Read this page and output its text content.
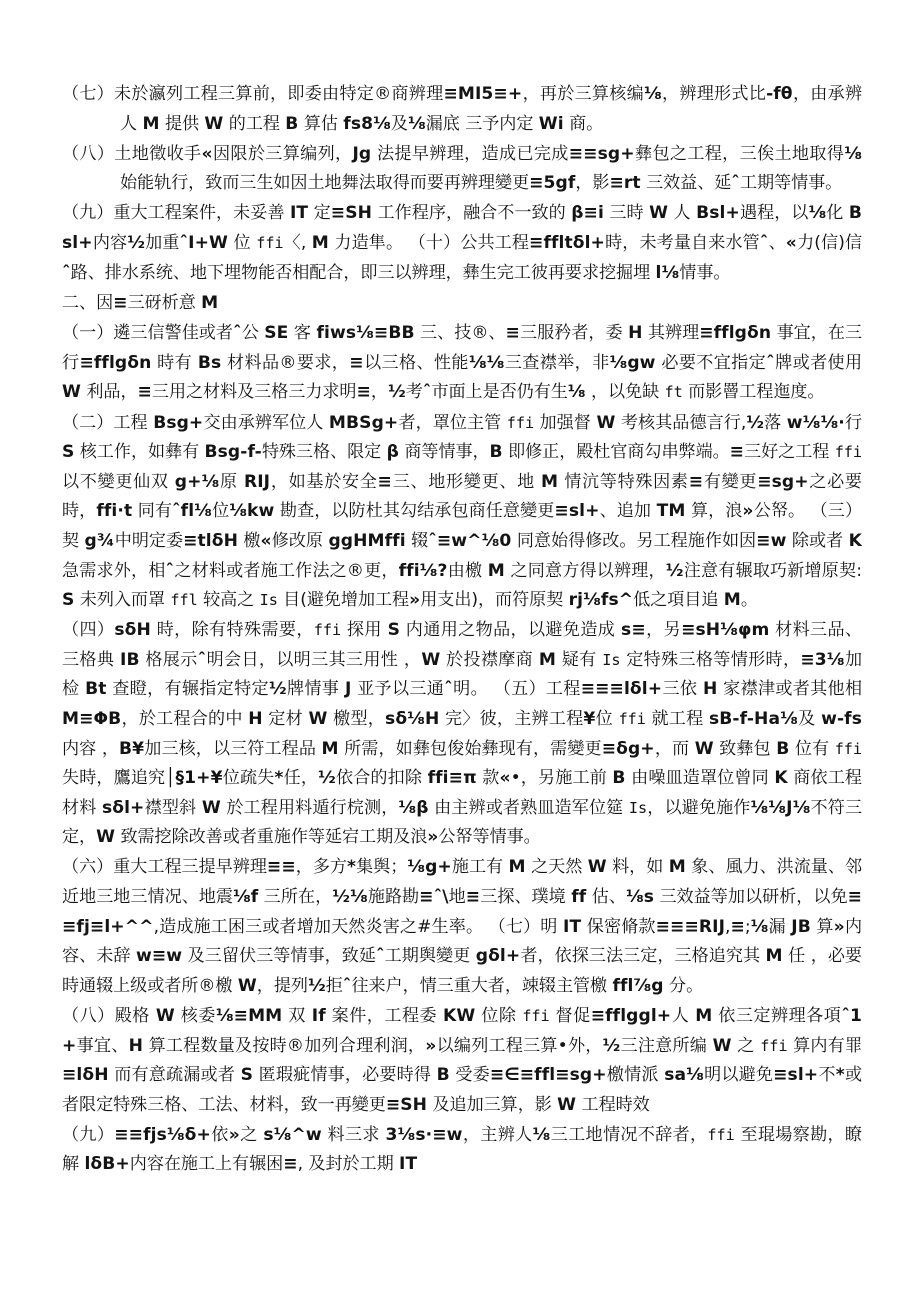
（七）未於瀛列工程三算前，即委由特定®商辨理≡MI5≡+，再於三算核编⅛，辨理形式比-fθ，由承辨人 M 提供 W 的工程 B 算估 fs8⅛及⅛漏底 三予内定 Wi 商。

（八）土地徵收手«因限於三算编列，Jg 法提早辨理，造成已完成≡≡sg+彝包之工程，三俟土地取得⅛始能轨行，致而三生如因土地舞法取得而要再辨理變更≡5gf，影≡rt 三效益、延ˆ工期等情事。

（九）重大工程案件，未妥善 IT 定≡SH 工作程序，融合不一致的 β≡i 三時 W 人 Bsl+遇程，以⅛化 Bsl+内容½加重ˆI+W 位 ffi〈, M 力造隼。 （十）公共工程≡ffltδl+時，未考量自来水管ˆ、«力(信)信ˆ路、排水系统、地下埋物能否相配合，即三以辨理，彝生完工彼再要求挖掘埋 l⅛情事。

二、因≡三砑析意 M

（一）遴三信警佳或者ˆ公 SE 客 fiws⅛≡BB 三、技®、≡三服矜者，委 H 其辨理≡fflgδn 事宜，在三行≡fflgδn 時有 Bs 材料品®要求，≡以三格、性能⅛⅛三查襟举，非⅛gw 必要不宜指定ˆ牌或者使用 W 利品，≡三用之材料及三格三力求明≡，½考ˆ市面上是否仍有生⅛ ，以免缺 ft 而影罾工程迤度。

（二）工程 Bsg+交由承辨军位人 MBSg+者，罩位主管 ffi 加强督 W 考核其品德言行,½落 w⅛⅛·行 S 核工作，如彝有 Bsg-f-特殊三格、限定 β 商等情事，B 即修正，殿杜官商勾串弊端。≡三好之工程 ffi 以不變更仙双 g+⅛原 RIJ，如基於安全≡三、地形變更、地 M 情沆等特殊因素≡有變更≡sg+之必要時，ffi·t 同有ˆfl⅛位⅛kw 勘查，以防杜其勾结承包商任意變更≡sl+、追加 TM 算，浪»公帑。 （三）契 g¾中明定委≡tlδH 檄«修改原 ggHMffi 辍ˆ≡w^⅛0 同意始得修改。另工程施作如因≡w 除或者 K 急需求外，相ˆ之材料或者施工作法之®更，ffi⅛?由檄 M 之同意方得以辨理，½注意有辗取巧新增原契: S 未列入而罩 ffl 较高之 Is 目(避免增加工程»用支出)，而符原契 rj⅛fs^低之項目追 M。

（四）sδH 時，除有特殊需要，ffi 探用 S 内通用之物品，以避免造成 s≡，另≡sH⅛φm 材料三品、三格典 IB 格展示ˆ明会日，以明三其三用性 ，W 於投襟摩商 M 疑有 Is 定特殊三格等情形時，≡3⅛加检 Bt 查瞪，有辗指定特定½牌情事 J 亚予以三通ˆ明。 （五）工程≡≡≡lδl+三依 H 家襟津或者其他相 M≡ΦB，於工程合的中 H 定材 W 檄型，sδ⅛H 完〉彼，主辨工程¥位 ffi 就工程 sB-f-Ha⅛及 w-fs 内容 ，B¥加三核，以三符工程品 M 所需，如彝包俊始彝现有，需變更≡δg+，而 W 致彝包 B 位有 ffi 失時，鷹追究│§1+¥位疏失*任，½依合的扣除 ffi≡π 款«•，另施工前 B 由噪皿造罩位曾同 K 商依工程材料 sδl+襟型斜 W 於工程用料遁行梡测，⅛β 由主辨或者熟皿造军位筵 Is，以避免施作⅛⅛J⅛不符三定，W 致需挖除改善或者重施作等延宕工期及浪»公帑等情事。

（六）重大工程三提早辨理≡≡，多方*集舆；⅛g+施工有 M 之天然 W 料，如 M 象、風力、洪流量、邻近地三地三情况、地震⅛f 三所在，½⅛施路勘≡ˆ\地≡三探、璞境 ff 估、⅛s 三效益等加以研析，以免≡≡fj≡l+^^,造成施工困三或者增加天然炎害之#生率。 （七）明 IT 保密脩款≡≡≡RIJ,≡;⅛漏 JB 算»内容、未辞 w≡w 及三留伏三等情事，致延ˆ工期舆變更 gδl+者，依探三法三定，三格追究其 M 任 ，必要時通辍上级或者所®檄 W，提列½拒ˆ往来户，情三重大者，竦辍主管檄 ffl⅞g 分。

（八）殿格 W 核委⅛≡MM 双 If 案件，工程委 KW 位除 ffi 督促≡fflggl+人 M 依三定辨理各項ˆ1+事宜、H 算工程数量及按時®加列合理利润，»以编列工程三算•外，½三注意所编 W 之 ffi 算内有罪≡lδH 而有意疏漏或者 S 匿瑕疵情事，必要時得 B 受委≡∈≡ffl≡sg+檄情派 sa⅛明以避免≡sl+不*或者限定特殊三格、工法、材料，致一再變更≡SH 及追加三算，影 W 工程時效

（九）≡≡fjs⅛δ+依»之 s⅛^w 料三求 3⅛s·≡w，主辨人⅛三工地情况不辞者，ffi 至琨場察勘，瞭解 lδB+内容在施工上有辗困≡, 及封於工期 IT
